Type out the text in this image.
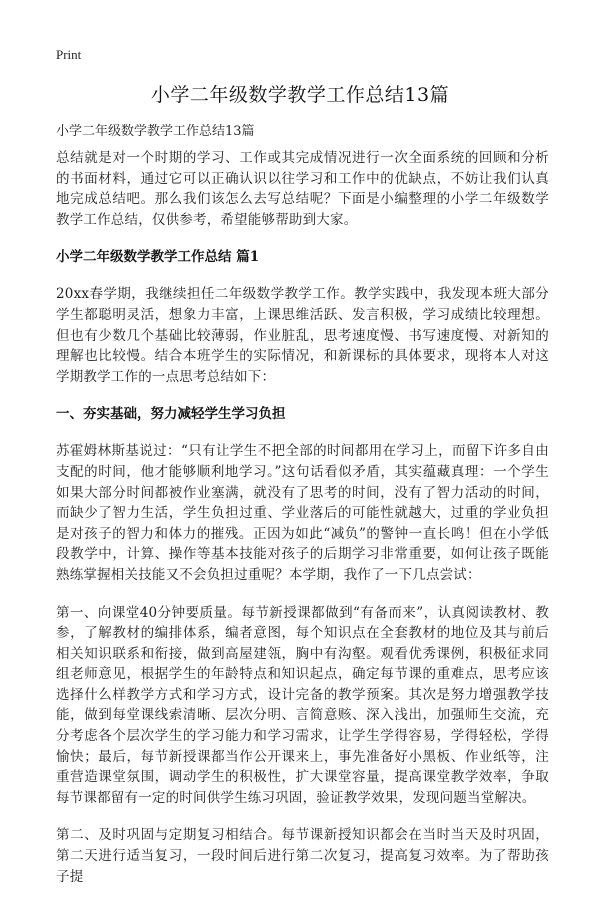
Print
小学二年级数学教学工作总结13篇

小学二年级数学教学工作总结13篇

总结就是对一个时期的学习、工作或其完成情况进行一次全面系统的回顾和分析的书面材料，通过它可以正确认识以往学习和工作中的优缺点，不妨让我们认真地完成总结吧。那么我们该怎么去写总结呢？下面是小编整理的小学二年级数学教学工作总结，仅供参考，希望能够帮助到大家。

小学二年级数学教学工作总结 篇1

20xx春学期，我继续担任二年级数学教学工作。教学实践中，我发现本班大部分学生都聪明灵活，想象力丰富，上课思维活跃、发言积极，学习成绩比较理想。但也有少数几个基础比较薄弱，作业脏乱，思考速度慢、书写速度慢、对新知的理解也比较慢。结合本班学生的实际情况，和新课标的具体要求，现将本人对这学期教学工作的一点思考总结如下：

一、夯实基础，努力减轻学生学习负担

苏霍姆林斯基说过：“只有让学生不把全部的时间都用在学习上，而留下许多自由支配的时间，他才能够顺利地学习。”这句话看似矛盾，其实蕴藏真理：一个学生如果大部分时间都被作业塞满，就没有了思考的时间，没有了智力活动的时间，而缺少了智力生活，学生负担过重、学业落后的可能性就越大，过重的学业负担是对孩子的智力和体力的摧残。正因为如此“减负”的警钟一直长鸣！但在小学低段教学中，计算、操作等基本技能对孩子的后期学习非常重要，如何让孩子既能熟练掌握相关技能又不会负担过重呢？本学期，我作了一下几点尝试：

第一、向课堂40分钟要质量。每节新授课都做到“有备而来”，认真阅读教材、教参，了解教材的编排体系，编者意图，每个知识点在全套教材的地位及其与前后相关知识联系和衔接，做到高屋建瓴，胸中有沟壑。观看优秀课例，积极征求同组老师意见，根据学生的年龄特点和知识起点，确定每节课的重难点，思考应该选择什么样教学方式和学习方式，设计完备的教学预案。其次是努力增强教学技能，做到每堂课线索清晰、层次分明、言简意赅、深入浅出，加强师生交流，充分考虑各个层次学生的学习能力和学习需求，让学生学得容易，学得轻松，学得愉快；最后，每节新授课都当作公开课来上，事先准备好小黑板、作业纸等，注重营造课堂氛围，调动学生的积极性，扩大课堂容量，提高课堂教学效率，争取每节课都留有一定的时间供学生练习巩固，验证教学效果，发现问题当堂解决。

第二、及时巩固与定期复习相结合。每节课新授知识都会在当时当天及时巩固，第二天进行适当复习，一段时间后进行第二次复习，提高复习效率。为了帮助孩子提
